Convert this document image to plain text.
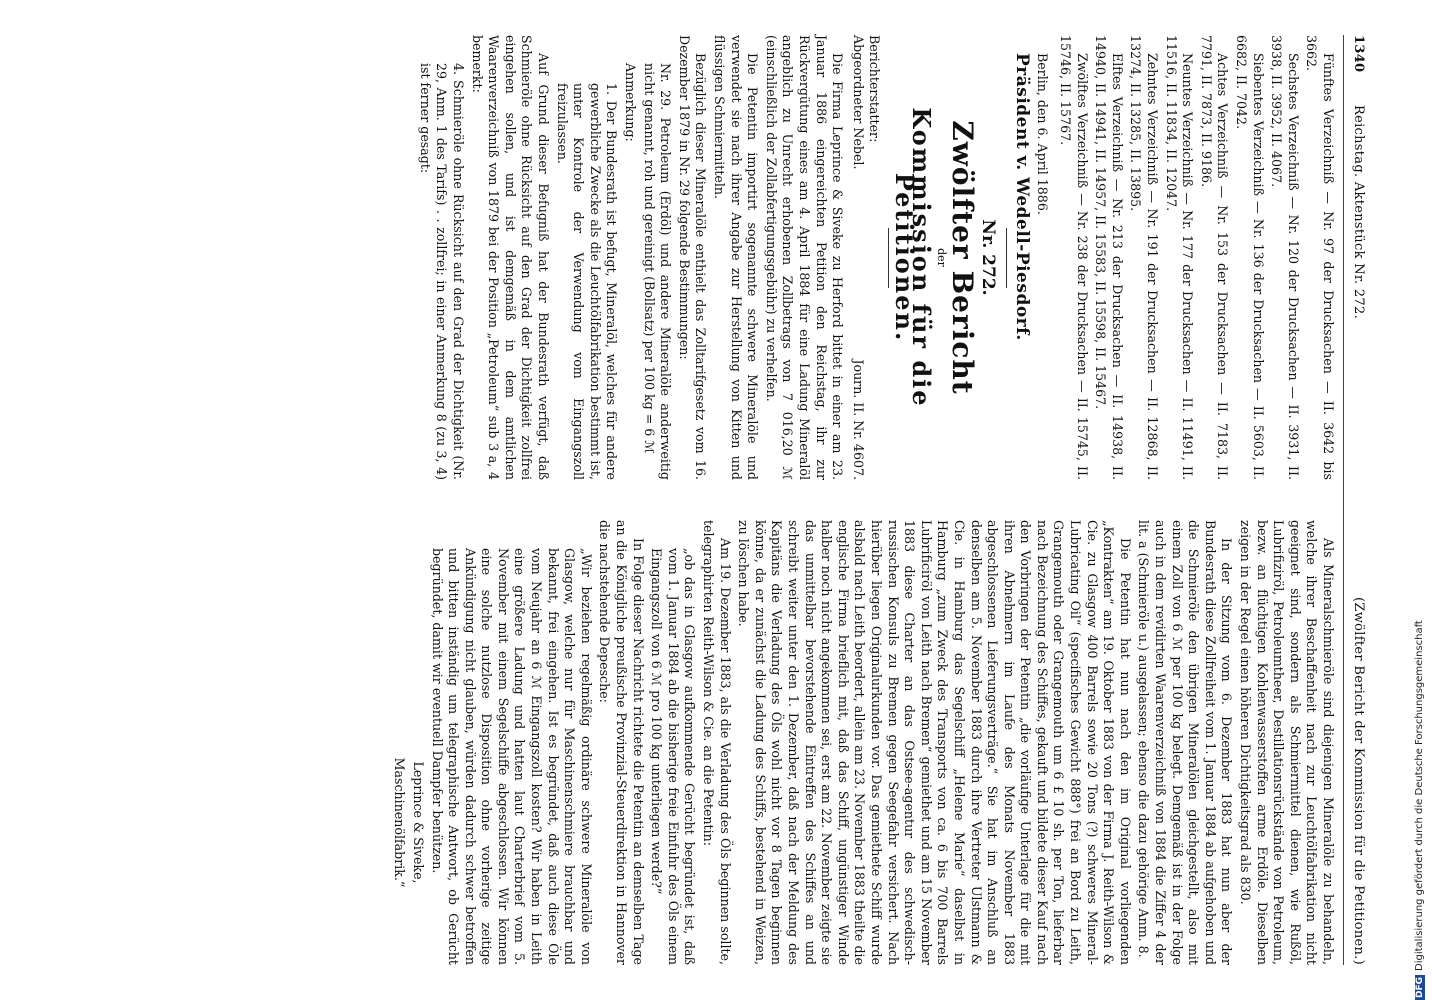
1340
Reichstag. Aktenstück Nr. 272.
(Zwölfter Bericht der Kommission für die Petitionen.)

Fünftes Verzeichniß — Nr. 97 der Drucksachen — II. 3642 bis 3662.

Sechstes Verzeichniß — Nr. 120 der Drucksachen — II. 3931, II. 3938, II. 3952, II. 4067.

Siebentes Verzeichniß — Nr. 136 der Drucksachen — II. 5603, II. 6682, II. 7042.

Achtes Verzeichniß — Nr. 153 der Drucksachen — II. 7183, II. 7791, II. 7873, II. 9186.

Neuntes Verzeichniß — Nr. 177 der Drucksachen — II. 11491, II. 11516, II. 11834, II. 12047.

Zehntes Verzeichniß — Nr. 191 der Drucksachen — II. 12868, II. 13274, II. 13285, II. 13895.

Elftes Verzeichniß — Nr. 213 der Drucksachen — II. 14938, II. 14940, II. 14941, II. 14957, II. 15583, II. 15598, II. 15467.

Zwölftes Verzeichniß — Nr. 238 der Drucksachen — II. 15745, II. 15746, II. 15767.

Berlin, den 6. April 1886.

Präsident v. Wedell-Piesdorf.
Nr. 272.
Zwölfter Bericht
der
Kommission für die Petitionen.
Berichterstatter:
Abgeordneter Nebel.
Journ. II. Nr. 4607.

Die Firma Leprince & Siveke zu Herford bittet in einer am 23. Januar 1886 eingereichten Petition den Reichstag, ihr zur Rückvergütung eines am 4. April 1884 für eine Ladung Mineralöl angeblich zu Unrecht erhobenen Zollbetrags von 7 016,20 ℳ (einschließlich der Zollabfertigungsgebühr) zu verhelfen.

Die Petentin importirt sogenannte schwere Mineralöle und verwendet sie nach ihrer Angabe zur Herstellung von Kitten und flüssigen Schmiermitteln.

Bezüglich dieser Mineralöle enthielt das Zolltarifgesetz vom 16. Dezember 1879 in Nr. 29 folgende Bestimmungen:

Nr. 29. Petroleum (Erdöl) und andere Mineralöle anderweitig nicht genannt, roh und gereinigt (Bollsatz) per 100 kg = 6 ℳ

Anmerkung:

1. Der Bundesrath ist befugt, Mineralöl, welches für andere gewerbliche Zwecke als die Leuchtölfabrikation bestimmt ist, unter Kontrole der Verwendung vom Eingangszoll freizulassen.

Auf Grund dieser Befugniß hat der Bundesrath verfügt, daß Schmieröle ohne Rücksicht auf den Grad der Dichtigkeit zollfrei eingehen sollen, und ist demgemäß in dem amtlichen Waarenverzeichniß von 1879 bei der Position „Petroleum“ sub 3 a, 4 bemerkt:

4. Schmieröle ohne Rücksicht auf den Grad der Dichtigkeit (Nr. 29, Anm. 1 des Tarifs) . . zollfrei; in einer Anmerkung 8 (zu 3, 4) ist ferner gesagt:

Als Mineralschmieröle sind diejenigen Mineralöle zu behandeln, welche ihrer Beschaffenheit nach zur Leuchtölfabrikation nicht geeignet sind, sondern als Schmiermittel dienen, wie Rußöl, Lubrifiziröl, Petroleumtheer, Destillationsrückstände von Petroleum, bezw. an flüchtigen Kohlenwasserstoffen arme Erdöle. Dieselben zeigen in der Regel einen höheren Dichtigkeitsgrad als 830.

In der Sitzung vom 6. Dezember 1883 hat nun aber der Bundesrath diese Zollfreiheit vom 1. Januar 1884 ab aufgehoben und die Schmieröle den übrigen Mineralölen gleichgestellt, also mit einem Zoll von 6 ℳ per 100 kg belegt. Demgemäß ist in der Folge auch in dem revidirten Waarenverzeichniß von 1884 die Ziffer 4 der lit. a (Schmieröle u.) ausgelassen; ebenso die dazu gehörige Anm. 8.

Die Petentin hat nun nach den im Original vorliegenden „Kontrakten“ am 19. Oktober 1883 von der Firma J. Reith-Wilson & Cie. zu Glasgow 400 Barrels sowie 20 Tons (?) schweres Mineral-Lubricating Oil“ (specifisches Gewicht 888°) frei an Bord zu Leith, Grangemouth oder Grangemouth um 6 £ 10 sh. per Ton, lieferbar nach Bezeichnung des Schiffes, gekauft und bildete dieser Kauf nach den Vorbringen der Petentin „die vorläufige Unterlage für die mit ihren Abnehmern im Laufe des Monats November 1883 abgeschlossenen Lieferungsverträge.“ Sie hat im Anschluß an denselben am 5. November 1883 durch ihre Vertreter Ulstmann & Cie. in Hamburg das Segelschiff „Helene Marie“ daselbst in Hamburg „zum Zweck des Transports von ca. 6 bis 700 Barrels Lubrificiröl von Leith nach Bremen“ gemiethet und am 15 November 1883 diese Charter an das Ostsee-agentur des schwedisch-russischen Konsuls zu Bremen gegen Seegefahr versichert. Nach hierüber liegen Originalurkunden vor. Das gemiethete Schiff wurde alsbald nach Leith beordert, allein am 23. November 1883 theilte die englische Firma brieflich mit, daß das Schiff, ungünstiger Winde halber noch nicht angekommen sei, erst am 22. November zeigte sie das unmittelbar bevorstehende Eintreffen des Schiffes an und schreibt weiter unter den 1. Dezember, daß nach der Meldung des Kapitäns die Verladung des Öls wohl nicht vor 8 Tagen beginnen könne, da er zunächst die Ladung des Schiffs, bestehend in Weizen, zu löschen habe.

Am 19. Dezember 1883, als die Verladung des Öls beginnen sollte, telegraphirten Reith-Wilson & Cie. an die Petentin:

„ob das in Glasgow aufkommende Gerücht begründet ist, daß vom 1. Januar 1884 ab die bisherige freie Einfuhr des Öls einem Eingangszoll von 6 ℳ pro 100 kg unterliegen werde?“

In Folge dieser Nachricht richtete die Petentin an demselben Tage an die Königliche preußische Provinzial-Steuerdirektion in Hannover die nachstehende Depesche:

„Wir beziehen regelmäßig ordinäre schwere Mineralöle von Glasgow, welche nur für Maschinenschmiere brauchbar und bekannt, frei eingehen. Ist es begründet, daß auch diese Öle vom Neujahr an 6 ℳ Eingangszoll kosten? Wir haben in Leith eine größere Ladung und hatten laut Charterbrief vom 5. November mit einem Segelschiffe abgeschlossen. Wir können eine solche nutzlose Disposition ohne vorherige zeitige Ankündigung nicht glauben, würden dadurch schwer betroffen und bitten inständig um telegraphische Antwort, ob Gerücht begründet, damit wir eventuell Dampfer benützen.

Leprince & Siveke,

Maschinenölfabrik.“

DFGDigitalisierung gefördert durch die Deutsche Forschungsgemeinschaft
